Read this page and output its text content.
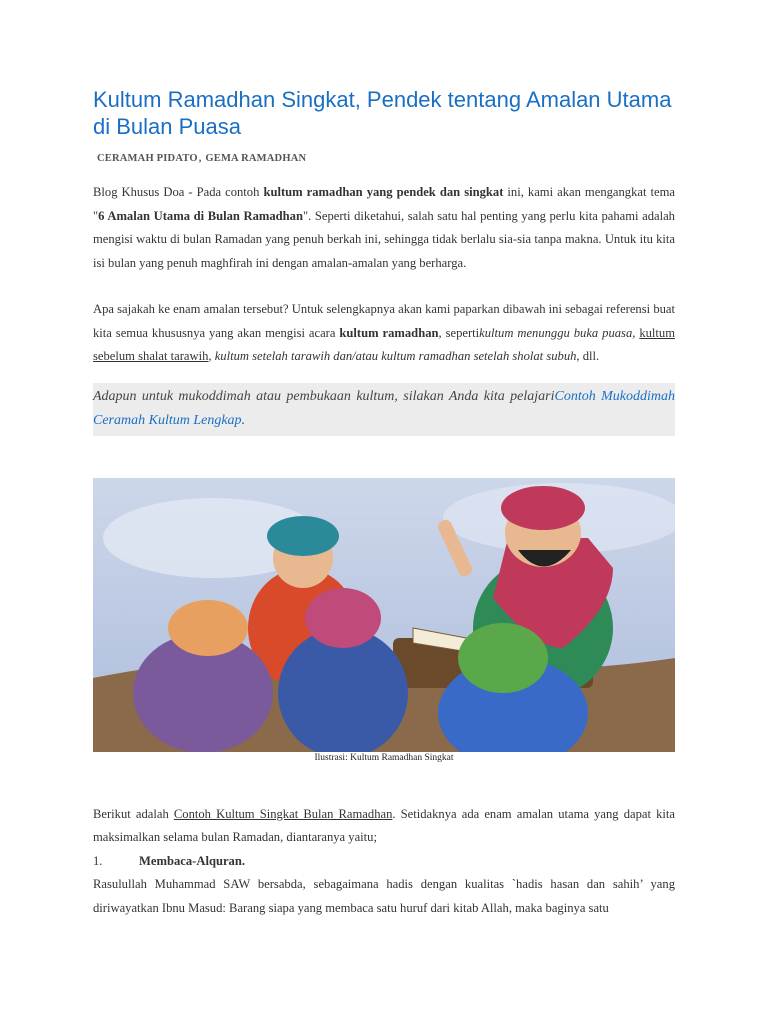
Kultum Ramadhan Singkat, Pendek tentang Amalan Utama di Bulan Puasa
CERAMAH PIDATO, GEMA RAMADHAN

Blog Khusus Doa - Pada contoh kultum ramadhan yang pendek dan singkat ini, kami akan mengangkat tema "6 Amalan Utama di Bulan Ramadhan". Seperti diketahui, salah satu hal penting yang perlu kita pahami adalah mengisi waktu di bulan Ramadan yang penuh berkah ini, sehingga tidak berlalu sia-sia tanpa makna. Untuk itu kita isi bulan yang penuh maghfirah ini dengan amalan-amalan yang berharga.

Apa sajakah ke enam amalan tersebut? Untuk selengkapnya akan kami paparkan dibawah ini sebagai referensi buat kita semua khususnya yang akan mengisi acara kultum ramadhan, sepertikultum menunggu buka puasa, kultum sebelum shalat tarawih, kultum setelah tarawih dan/atau kultum ramadhan setelah sholat subuh, dll.

Adapun untuk mukoddimah atau pembukaan kultum, silakan Anda kita pelajariContoh Mukoddimah Ceramah Kultum Lengkap.

Ilustrasi: Kultum Ramadhan Singkat

Berikut adalah Contoh Kultum Singkat Bulan Ramadhan. Setidaknya ada enam amalan utama yang dapat kita maksimalkan selama bulan Ramadan, diantaranya yaitu;

1.	Membaca-Alquran.

Rasulullah Muhammad SAW bersabda, sebagaimana hadis dengan kualitas `hadis hasan dan sahih’ yang diriwayatkan Ibnu Masud: Barang siapa yang membaca satu huruf dari kitab Allah, maka baginya satu
